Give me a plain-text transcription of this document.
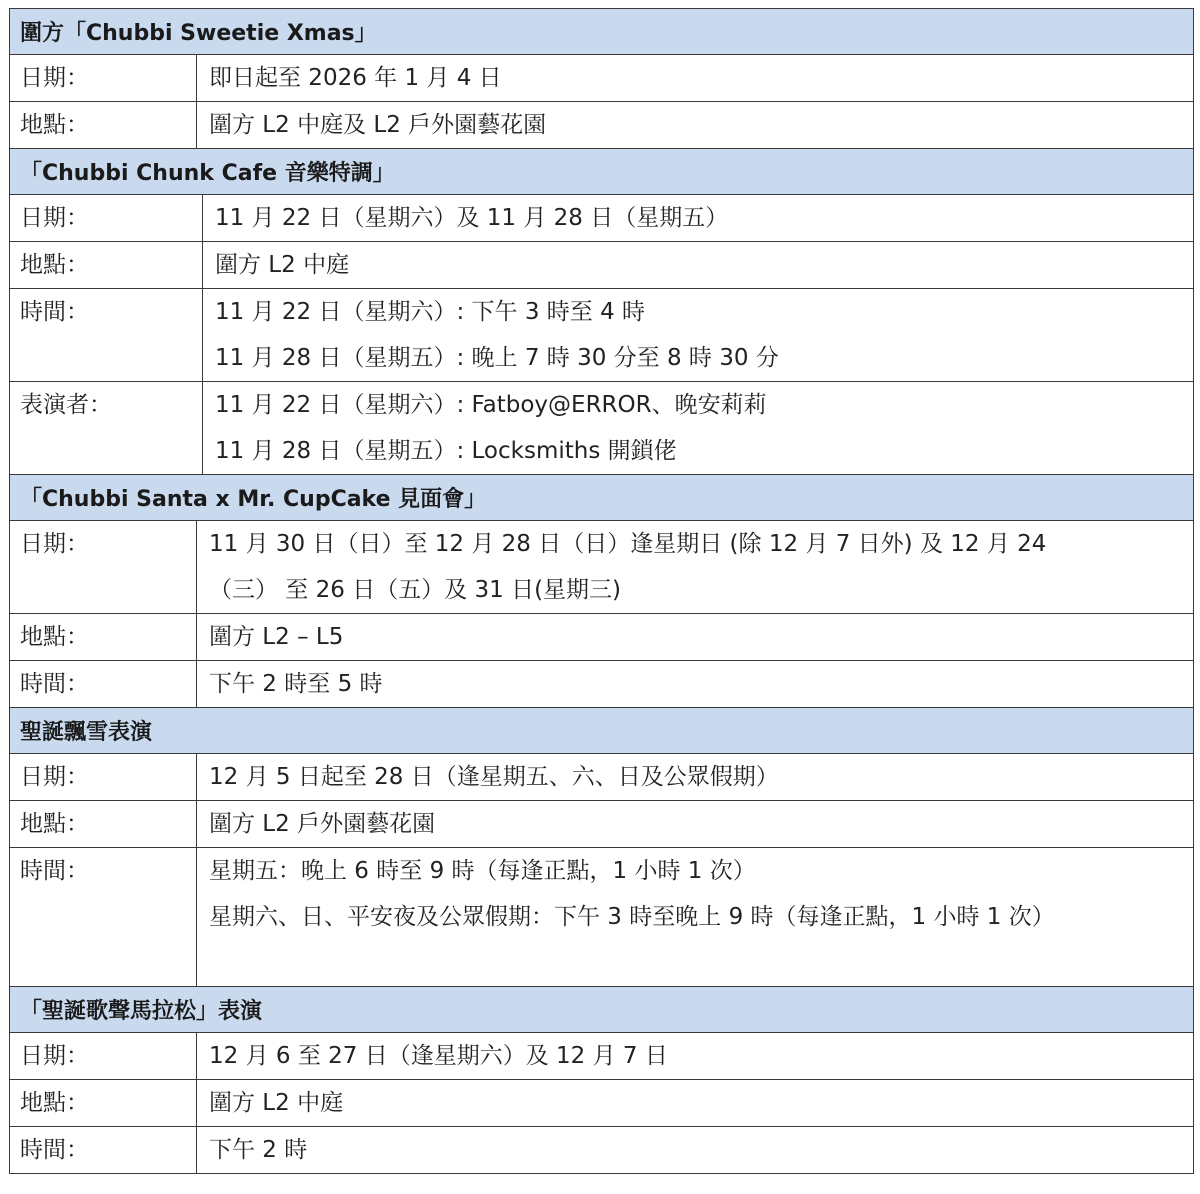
圍方「Chubbi Sweetie Xmas」
日期：	即日起至 2026 年 1 月 4 日
地點：	圍方 L2 中庭及 L2 戶外園藝花園
「Chubbi Chunk Cafe 音樂特調」
日期：	11 月 22 日（星期六）及 11 月 28 日（星期五）
地點：	圍方 L2 中庭
時間：	11 月 22 日（星期六）: 下午 3 時至 4 時
11 月 28 日（星期五）: 晚上 7 時 30 分至 8 時 30 分
表演者：	11 月 22 日（星期六）: Fatboy@ERROR、晚安莉莉
11 月 28 日（星期五）: Locksmiths 開鎖佬
「Chubbi Santa x Mr. CupCake 見面會」
日期：	11 月 30 日（日）至 12 月 28 日（日）逢星期日 (除 12 月 7 日外) 及 12 月 24
（三） 至 26 日（五）及 31 日(星期三)
地點：	圍方 L2 – L5
時間：	下午 2 時至 5 時
聖誕飄雪表演
日期：	12 月 5 日起至 28 日（逢星期五、六、日及公眾假期）
地點：	圍方 L2 戶外園藝花園
時間：	星期五：晚上 6 時至 9 時（每逢正點，1 小時 1 次）
星期六、日、平安夜及公眾假期：下午 3 時至晚上 9 時（每逢正點，1 小時 1 次）

「聖誕歌聲馬拉松」表演
日期：	12 月 6 至 27 日（逢星期六）及 12 月 7 日
地點：	圍方 L2 中庭
時間：	下午 2 時
